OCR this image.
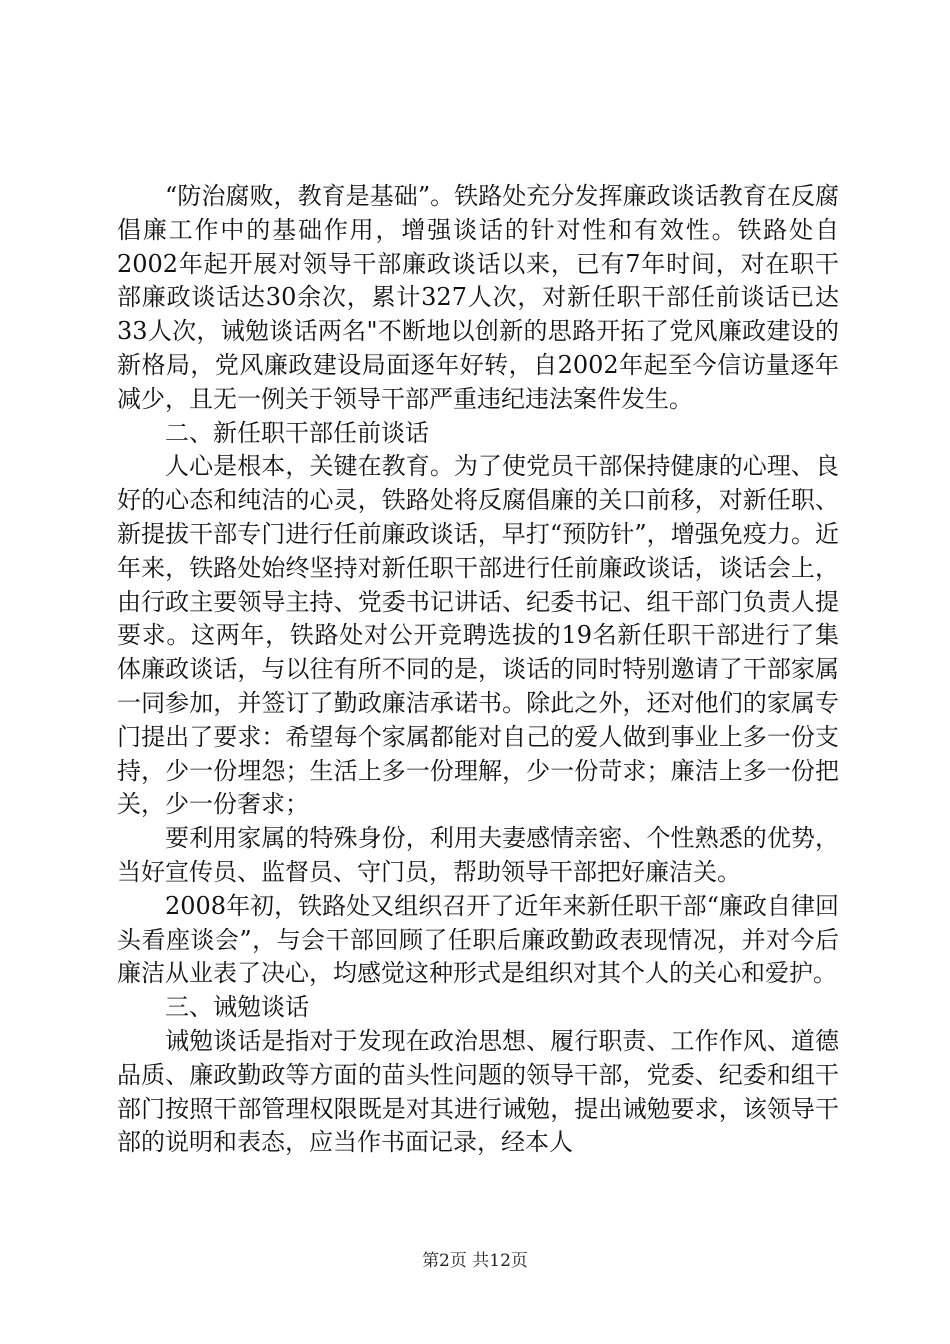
“防治腐败，教育是基础”。铁路处充分发挥廉政谈话教育在反腐倡廉工作中的基础作用，增强谈话的针对性和有效性。铁路处自2002年起开展对领导干部廉政谈话以来，已有7年时间，对在职干部廉政谈话达30余次，累计327人次，对新任职干部任前谈话已达33人次，诫勉谈话两名"不断地以创新的思路开拓了党风廉政建设的新格局，党风廉政建设局面逐年好转，自2002年起至今信访量逐年减少，且无一例关于领导干部严重违纪违法案件发生。

二、新任职干部任前谈话

人心是根本，关键在教育。为了使党员干部保持健康的心理、良好的心态和纯洁的心灵，铁路处将反腐倡廉的关口前移，对新任职、新提拔干部专门进行任前廉政谈话，早打“预防针”，增强免疫力。近年来，铁路处始终坚持对新任职干部进行任前廉政谈话，谈话会上，由行政主要领导主持、党委书记讲话、纪委书记、组干部门负责人提要求。这两年，铁路处对公开竞聘选拔的19名新任职干部进行了集体廉政谈话，与以往有所不同的是，谈话的同时特别邀请了干部家属一同参加，并签订了勤政廉洁承诺书。除此之外，还对他们的家属专门提出了要求：希望每个家属都能对自己的爱人做到事业上多一份支持，少一份埋怨；生活上多一份理解，少一份苛求；廉洁上多一份把关，少一份奢求；

要利用家属的特殊身份，利用夫妻感情亲密、个性熟悉的优势，当好宣传员、监督员、守门员，帮助领导干部把好廉洁关。

2008年初，铁路处又组织召开了近年来新任职干部“廉政自律回头看座谈会”，与会干部回顾了任职后廉政勤政表现情况，并对今后廉洁从业表了决心，均感觉这种形式是组织对其个人的关心和爱护。

三、诫勉谈话

诫勉谈话是指对于发现在政治思想、履行职责、工作作风、道德品质、廉政勤政等方面的苗头性问题的领导干部，党委、纪委和组干部门按照干部管理权限既是对其进行诫勉，提出诫勉要求，该领导干部的说明和表态，应当作书面记录，经本人

第2页 共12页
